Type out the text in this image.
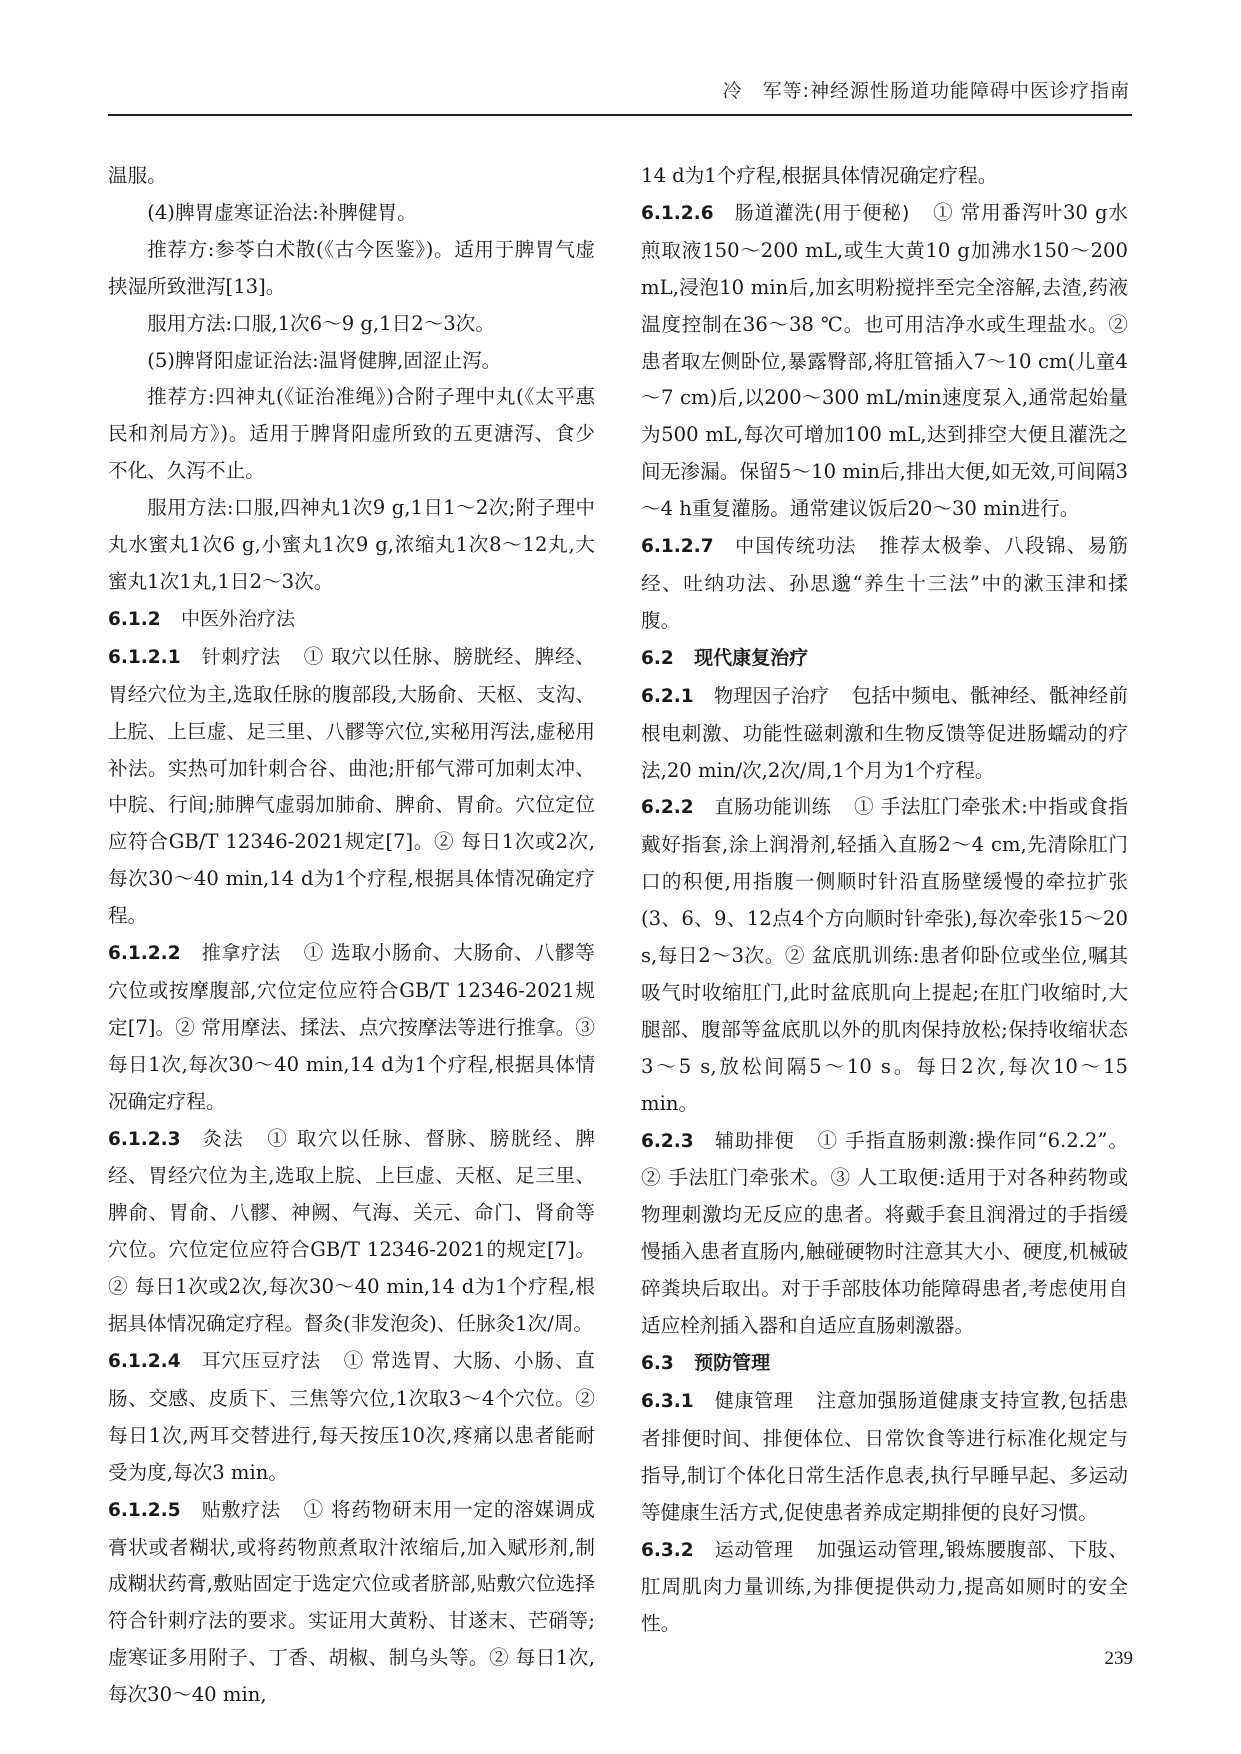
冷　军等:神经源性肠道功能障碍中医诊疗指南

温服。

(4)脾胃虚寒证治法:补脾健胃。

推荐方:参苓白术散(《古今医鉴》)。适用于脾胃气虚挟湿所致泄泻[13]。

服用方法:口服,1次6～9 g,1日2～3次。

(5)脾肾阳虚证治法:温肾健脾,固涩止泻。

推荐方:四神丸(《证治准绳》)合附子理中丸(《太平惠民和剂局方》)。适用于脾肾阳虚所致的五更溏泻、食少不化、久泻不止。

服用方法:口服,四神丸1次9 g,1日1～2次;附子理中丸水蜜丸1次6 g,小蜜丸1次9 g,浓缩丸1次8～12丸,大蜜丸1次1丸,1日2～3次。

6.1.2 中医外治疗法

6.1.2.1 针刺疗法 ① 取穴以任脉、膀胱经、脾经、胃经穴位为主,选取任脉的腹部段,大肠俞、天枢、支沟、上脘、上巨虚、足三里、八髎等穴位,实秘用泻法,虚秘用补法。实热可加针刺合谷、曲池;肝郁气滞可加刺太冲、中脘、行间;肺脾气虚弱加肺俞、脾俞、胃俞。穴位定位应符合GB/T 12346-2021规定[7]。② 每日1次或2次,每次30～40 min,14 d为1个疗程,根据具体情况确定疗程。

6.1.2.2 推拿疗法 ① 选取小肠俞、大肠俞、八髎等穴位或按摩腹部,穴位定位应符合GB/T 12346-2021规定[7]。② 常用摩法、揉法、点穴按摩法等进行推拿。③ 每日1次,每次30～40 min,14 d为1个疗程,根据具体情况确定疗程。

6.1.2.3 灸法 ① 取穴以任脉、督脉、膀胱经、脾经、胃经穴位为主,选取上脘、上巨虚、天枢、足三里、脾俞、胃俞、八髎、神阙、气海、关元、命门、肾俞等穴位。穴位定位应符合GB/T 12346-2021的规定[7]。② 每日1次或2次,每次30～40 min,14 d为1个疗程,根据具体情况确定疗程。督灸(非发泡灸)、任脉灸1次/周。

6.1.2.4 耳穴压豆疗法 ① 常选胃、大肠、小肠、直肠、交感、皮质下、三焦等穴位,1次取3～4个穴位。② 每日1次,两耳交替进行,每天按压10次,疼痛以患者能耐受为度,每次3 min。

6.1.2.5 贴敷疗法 ① 将药物研末用一定的溶媒调成膏状或者糊状,或将药物煎煮取汁浓缩后,加入赋形剂,制成糊状药膏,敷贴固定于选定穴位或者脐部,贴敷穴位选择符合针刺疗法的要求。实证用大黄粉、甘遂末、芒硝等;虚寒证多用附子、丁香、胡椒、制乌头等。② 每日1次,每次30～40 min,

14 d为1个疗程,根据具体情况确定疗程。

6.1.2.6 肠道灌洗(用于便秘) ① 常用番泻叶30 g水煎取液150～200 mL,或生大黄10 g加沸水150～200 mL,浸泡10 min后,加玄明粉搅拌至完全溶解,去渣,药液温度控制在36～38 ℃。也可用洁净水或生理盐水。② 患者取左侧卧位,暴露臀部,将肛管插入7～10 cm(儿童4～7 cm)后,以200～300 mL/min速度泵入,通常起始量为500 mL,每次可增加100 mL,达到排空大便且灌洗之间无渗漏。保留5～10 min后,排出大便,如无效,可间隔3～4 h重复灌肠。通常建议饭后20～30 min进行。

6.1.2.7 中国传统功法 推荐太极拳、八段锦、易筋经、吐纳功法、孙思邈“养生十三法”中的漱玉津和揉腹。

6.2 现代康复治疗

6.2.1 物理因子治疗 包括中频电、骶神经、骶神经前根电刺激、功能性磁刺激和生物反馈等促进肠蠕动的疗法,20 min/次,2次/周,1个月为1个疗程。

6.2.2 直肠功能训练 ① 手法肛门牵张术:中指或食指戴好指套,涂上润滑剂,轻插入直肠2～4 cm,先清除肛门口的积便,用指腹一侧顺时针沿直肠壁缓慢的牵拉扩张(3、6、9、12点4个方向顺时针牵张),每次牵张15～20 s,每日2～3次。② 盆底肌训练:患者仰卧位或坐位,嘱其吸气时收缩肛门,此时盆底肌向上提起;在肛门收缩时,大腿部、腹部等盆底肌以外的肌肉保持放松;保持收缩状态3～5 s,放松间隔5～10 s。每日2次,每次10～15 min。

6.2.3 辅助排便 ① 手指直肠刺激:操作同“6.2.2”。② 手法肛门牵张术。③ 人工取便:适用于对各种药物或物理刺激均无反应的患者。将戴手套且润滑过的手指缓慢插入患者直肠内,触碰硬物时注意其大小、硬度,机械破碎粪块后取出。对于手部肢体功能障碍患者,考虑使用自适应栓剂插入器和自适应直肠刺激器。

6.3 预防管理

6.3.1 健康管理 注意加强肠道健康支持宣教,包括患者排便时间、排便体位、日常饮食等进行标准化规定与指导,制订个体化日常生活作息表,执行早睡早起、多运动等健康生活方式,促使患者养成定期排便的良好习惯。

6.3.2 运动管理 加强运动管理,锻炼腰腹部、下肢、肛周肌肉力量训练,为排便提供动力,提高如厕时的安全性。

239
